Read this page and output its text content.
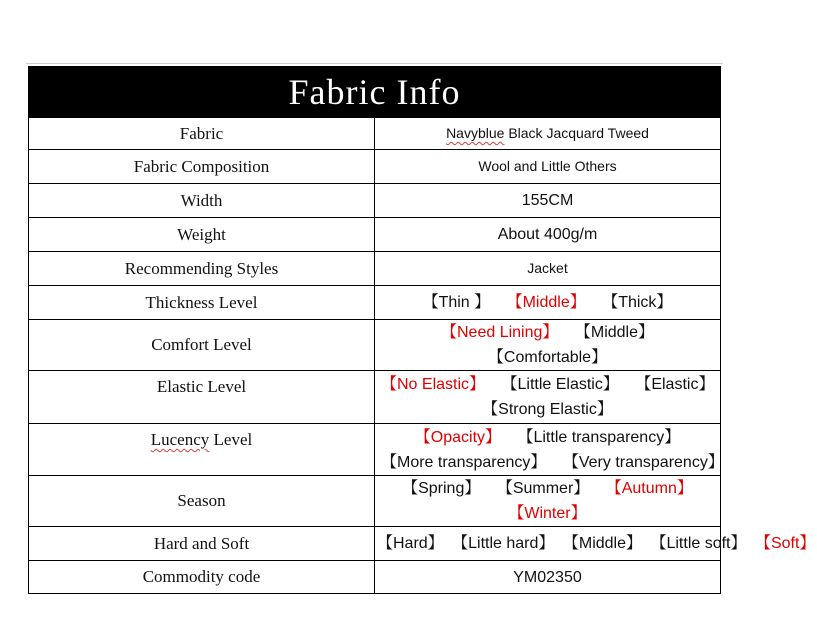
Fabric Info	
Fabric	Navyblue Black Jacquard Tweed
Fabric Composition	Wool and Little Others
Width	155CM
Weight	About 400g/m
Recommending Styles	Jacket
Thickness Level	【Thin 】 【Middle】 【Thick】
Comfort Level	【Need Lining】 【Middle】 【Comfortable】
Elastic Level	【No Elastic】 【Little Elastic】 【Elastic】
【Strong Elastic】

Lucency Level	【Opacity】 【Little transparency】
【More transparency】 【Very transparency】

Season	【Spring】 【Summer】 【Autumn】 【Winter】
Hard and Soft	【Hard】 【Little hard】 【Middle】 【Little soft】 【Soft】
Commodity code	YM02350
